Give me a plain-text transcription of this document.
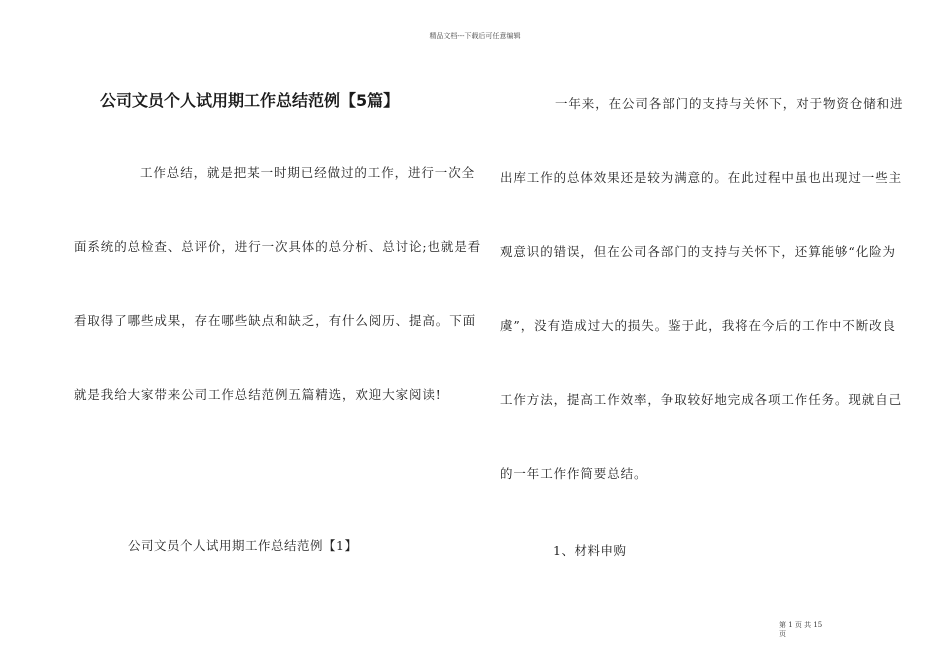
精品文档---下载后可任意编辑
公司文员个人试用期工作总结范例【5篇】
工作总结，就是把某一时期已经做过的工作，进行一次全
面系统的总检查、总评价，进行一次具体的总分析、总讨论;也就是看
看取得了哪些成果，存在哪些缺点和缺乏，有什么阅历、提高。下面
就是我给大家带来公司工作总结范例五篇精选，欢迎大家阅读!
公司文员个人试用期工作总结范例【1】
一年来，在公司各部门的支持与关怀下，对于物资仓储和进
出库工作的总体效果还是较为满意的。在此过程中虽也出现过一些主
观意识的错误，但在公司各部门的支持与关怀下，还算能够“化险为
虞”，没有造成过大的损失。鉴于此，我将在今后的工作中不断改良
工作方法，提高工作效率，争取较好地完成各项工作任务。现就自己
的一年工作作简要总结。
1、材料申购
第 1 页 共 15
页
